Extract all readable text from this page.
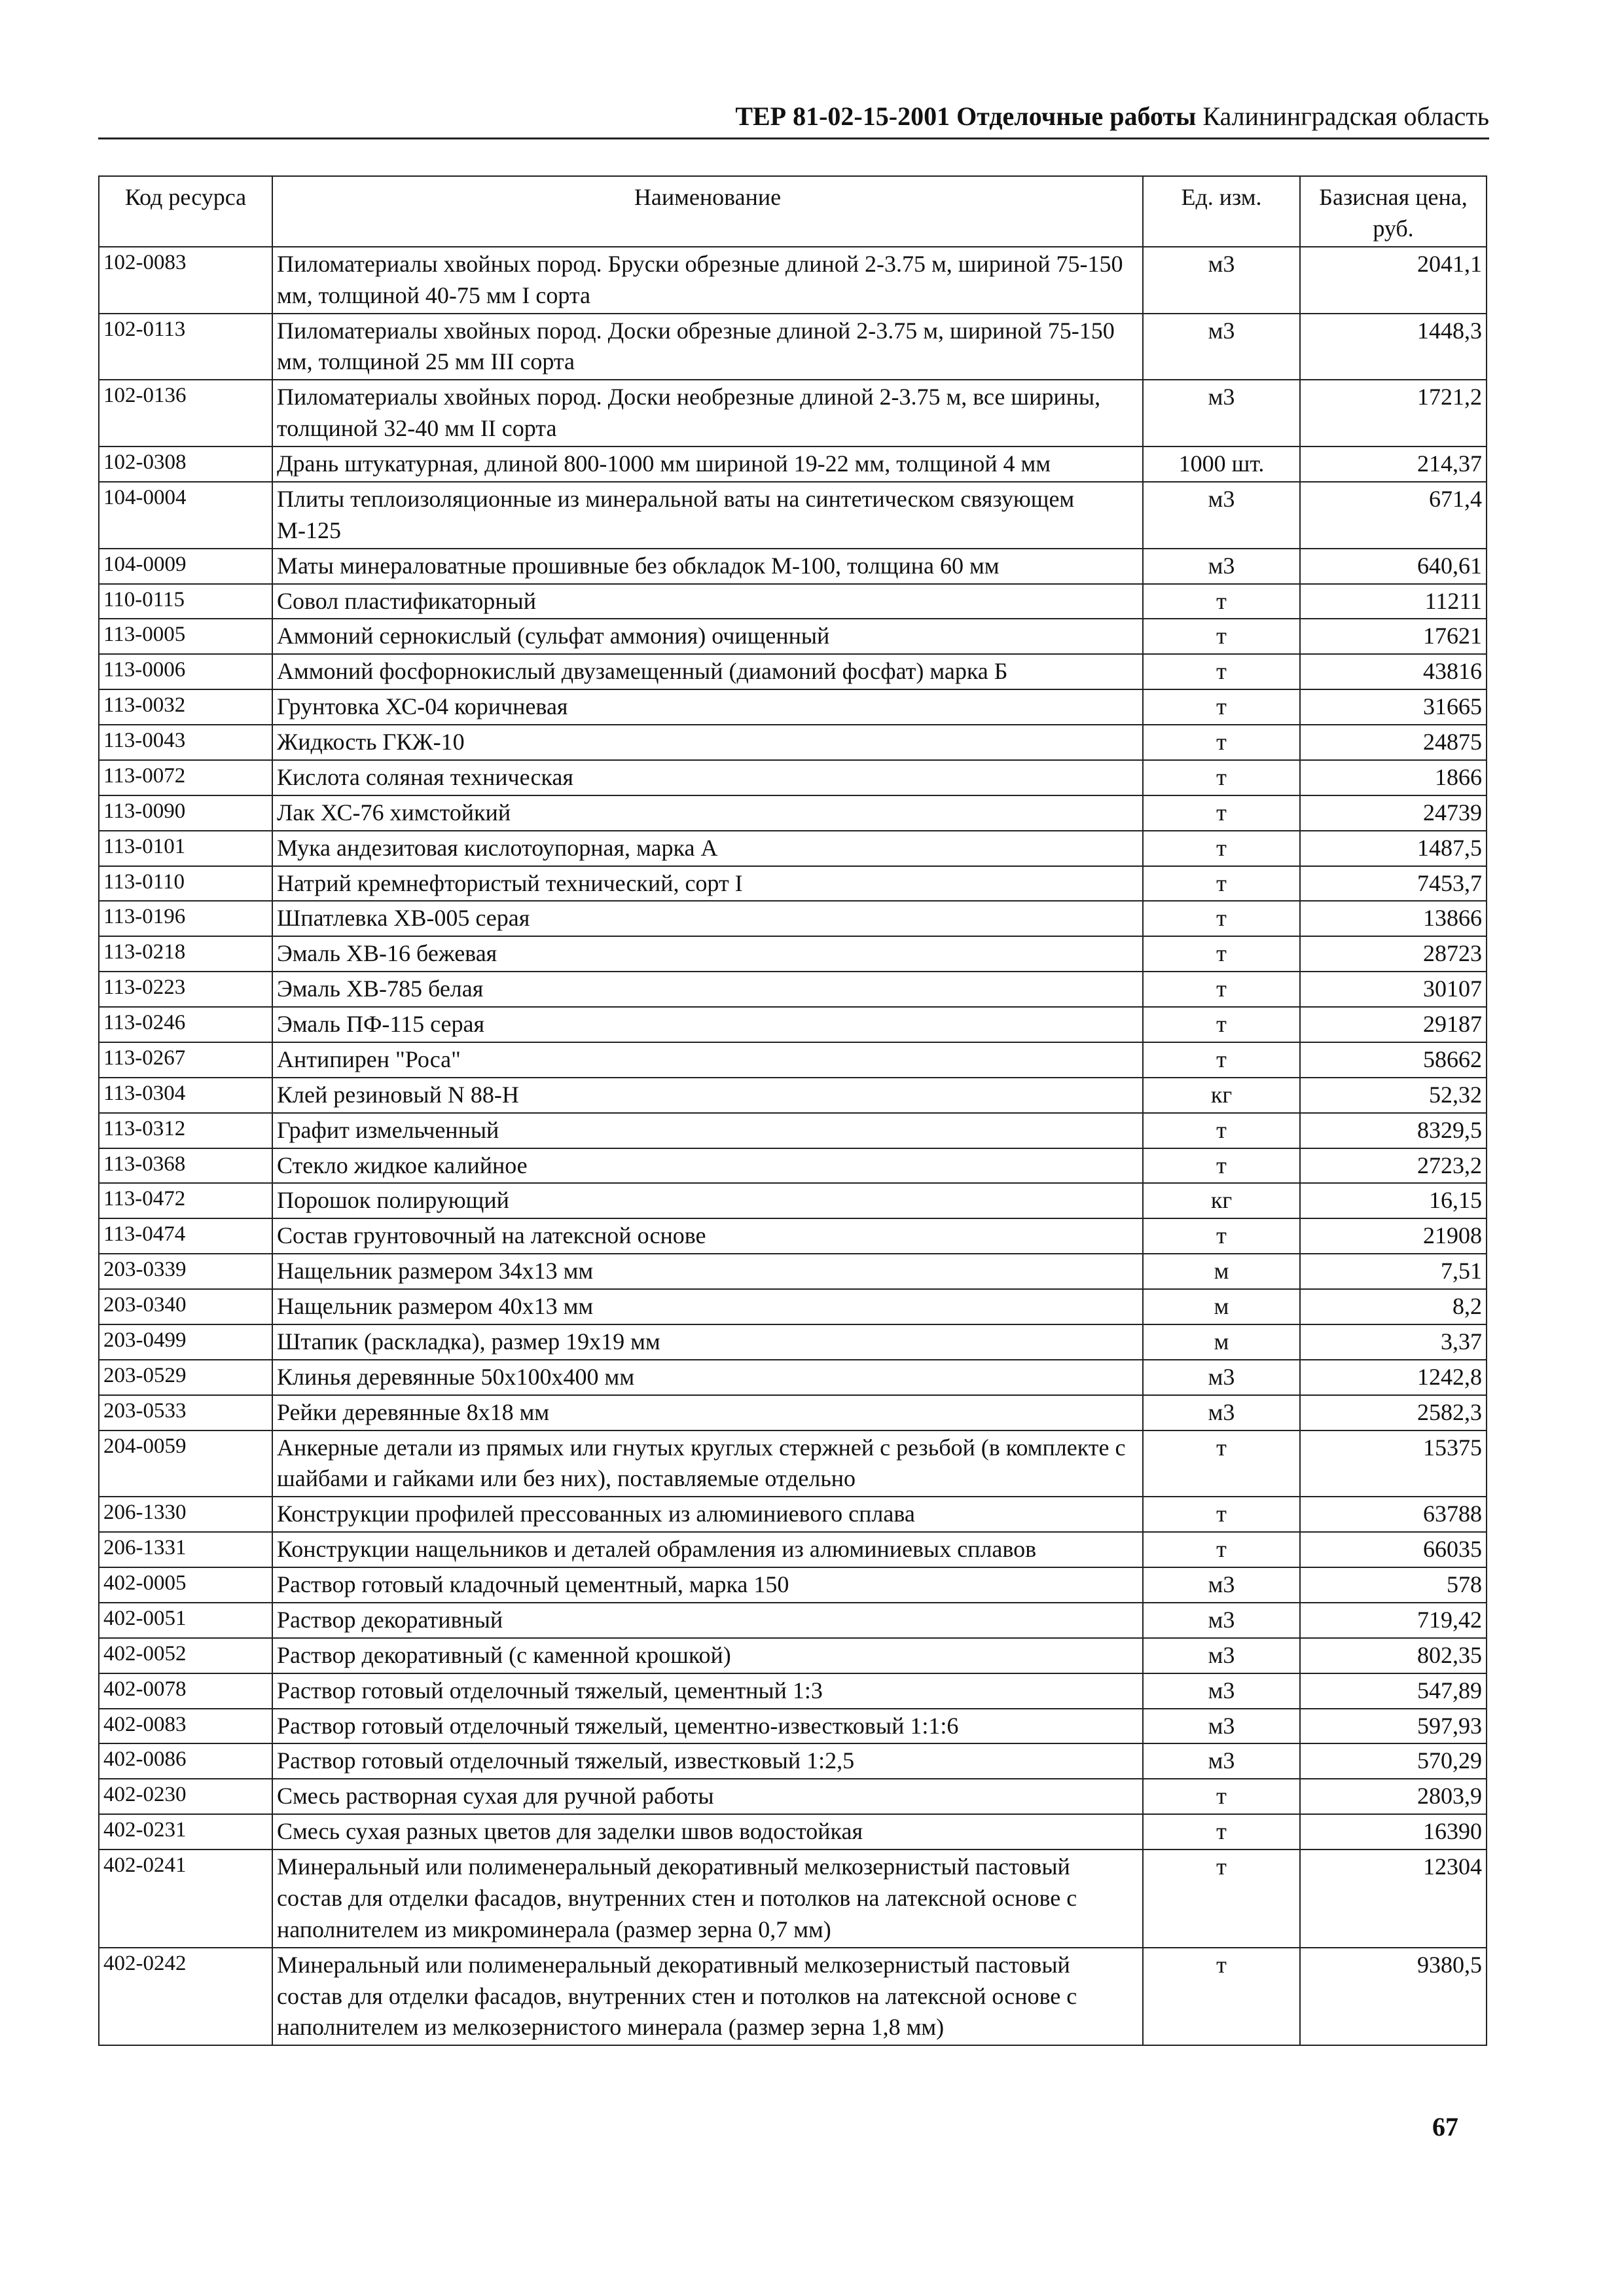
ТЕР 81-02-15-2001 Отделочные работы Калининградская область
Код ресурса	Наименование	Ед. изм.	Базисная цена, руб.
102-0083	Пиломатериалы хвойных пород. Бруски обрезные длиной 2-3.75 м, шириной 75-150 мм, толщиной 40-75 мм I сорта	м3	2041,1
102-0113	Пиломатериалы хвойных пород. Доски обрезные длиной 2-3.75 м, шириной 75-150 мм, толщиной 25 мм III сорта	м3	1448,3
102-0136	Пиломатериалы хвойных пород. Доски необрезные длиной 2-3.75 м, все ширины, толщиной 32-40 мм II сорта	м3	1721,2
102-0308	Дрань штукатурная, длиной 800-1000 мм шириной 19-22 мм, толщиной 4 мм	1000 шт.	214,37
104-0004	Плиты теплоизоляционные из минеральной ваты на синтетическом связующем М-125	м3	671,4
104-0009	Маты минераловатные прошивные без обкладок М-100, толщина 60 мм	м3	640,61
110-0115	Совол пластификаторный	т	11211
113-0005	Аммоний сернокислый (сульфат аммония) очищенный	т	17621
113-0006	Аммоний фосфорнокислый двузамещенный (диамоний фосфат) марка Б	т	43816
113-0032	Грунтовка ХС-04 коричневая	т	31665
113-0043	Жидкость ГКЖ-10	т	24875
113-0072	Кислота соляная техническая	т	1866
113-0090	Лак ХС-76 химстойкий	т	24739
113-0101	Мука андезитовая кислотоупорная, марка А	т	1487,5
113-0110	Натрий кремнефтористый технический, сорт I	т	7453,7
113-0196	Шпатлевка ХВ-005 серая	т	13866
113-0218	Эмаль ХВ-16 бежевая	т	28723
113-0223	Эмаль ХВ-785 белая	т	30107
113-0246	Эмаль ПФ-115 серая	т	29187
113-0267	Антипирен "Роса"	т	58662
113-0304	Клей резиновый N 88-Н	кг	52,32
113-0312	Графит измельченный	т	8329,5
113-0368	Стекло жидкое калийное	т	2723,2
113-0472	Порошок полирующий	кг	16,15
113-0474	Состав грунтовочный на латексной основе	т	21908
203-0339	Нащельник размером 34х13 мм	м	7,51
203-0340	Нащельник размером 40х13 мм	м	8,2
203-0499	Штапик (раскладка), размер 19х19 мм	м	3,37
203-0529	Клинья деревянные 50х100х400 мм	м3	1242,8
203-0533	Рейки деревянные 8х18 мм	м3	2582,3
204-0059	Анкерные детали из прямых или гнутых круглых стержней с резьбой (в комплекте с шайбами и гайками или без них), поставляемые отдельно	т	15375
206-1330	Конструкции профилей прессованных из алюминиевого сплава	т	63788
206-1331	Конструкции нащельников и деталей обрамления из алюминиевых сплавов	т	66035
402-0005	Раствор готовый кладочный цементный, марка 150	м3	578
402-0051	Раствор декоративный	м3	719,42
402-0052	Раствор декоративный (с каменной крошкой)	м3	802,35
402-0078	Раствор готовый отделочный тяжелый, цементный 1:3	м3	547,89
402-0083	Раствор готовый отделочный тяжелый, цементно-известковый 1:1:6	м3	597,93
402-0086	Раствор готовый отделочный тяжелый, известковый 1:2,5	м3	570,29
402-0230	Смесь растворная сухая для ручной работы	т	2803,9
402-0231	Смесь сухая разных цветов для заделки швов водостойкая	т	16390
402-0241	Минеральный или полименеральный декоративный мелкозернистый пастовый состав для отделки фасадов, внутренних стен и потолков на латексной основе с наполнителем из микроминерала (размер зерна 0,7 мм)	т	12304
402-0242	Минеральный или полименеральный декоративный мелкозернистый пастовый состав для отделки фасадов, внутренних стен и потолков на латексной основе с наполнителем из мелкозернистого минерала (размер зерна 1,8 мм)	т	9380,5
67
